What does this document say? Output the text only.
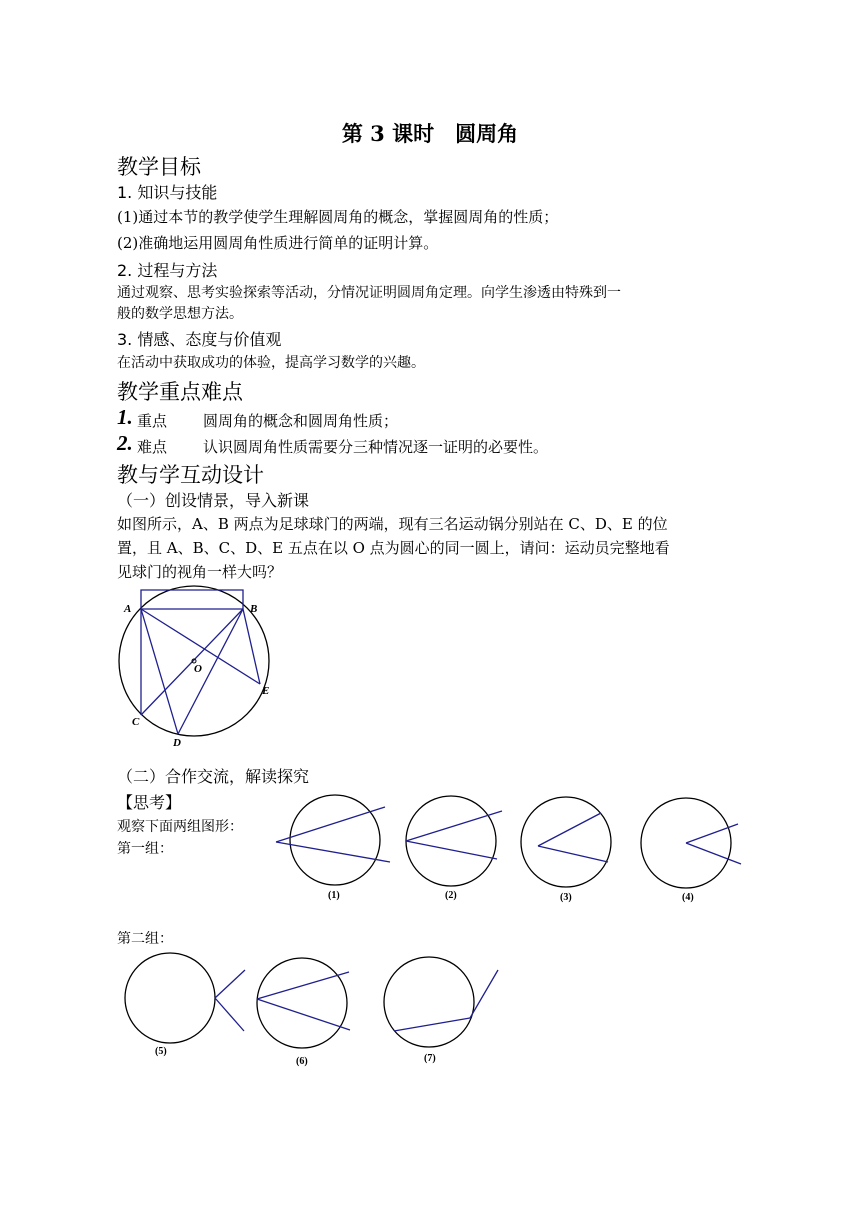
第 3 课时　圆周角
教学目标
1. 知识与技能
(1)通过本节的教学使学生理解圆周角的概念，掌握圆周角的性质；
(2)准确地运用圆周角性质进行简单的证明计算。
2. 过程与方法
通过观察、思考实验探索等活动，分情况证明圆周角定理。向学生渗透由特殊到一
般的数学思想方法。
3. 情感、态度与价值观
在活动中获取成功的体验，提高学习数学的兴趣。
教学重点难点
1. 重点 圆周角的概念和圆周角性质；
2. 难点 认识圆周角性质需要分三种情况逐一证明的必要性。
教与学互动设计
（一）创设情景，导入新课
如图所示，A、B 两点为足球球门的两端，现有三名运动锅分别站在 C、D、E 的位
置，且 A、B、C、D、E 五点在以 O 点为圆心的同一圆上，请问：运动员完整地看
见球门的视角一样大吗？
A	B
O
C
D
E
（二）合作交流，解读探究
【思考】
观察下面两组图形：
第一组：
(1)	(2)	(3)	(4)
第二组：
(5)
(6)	(7)
